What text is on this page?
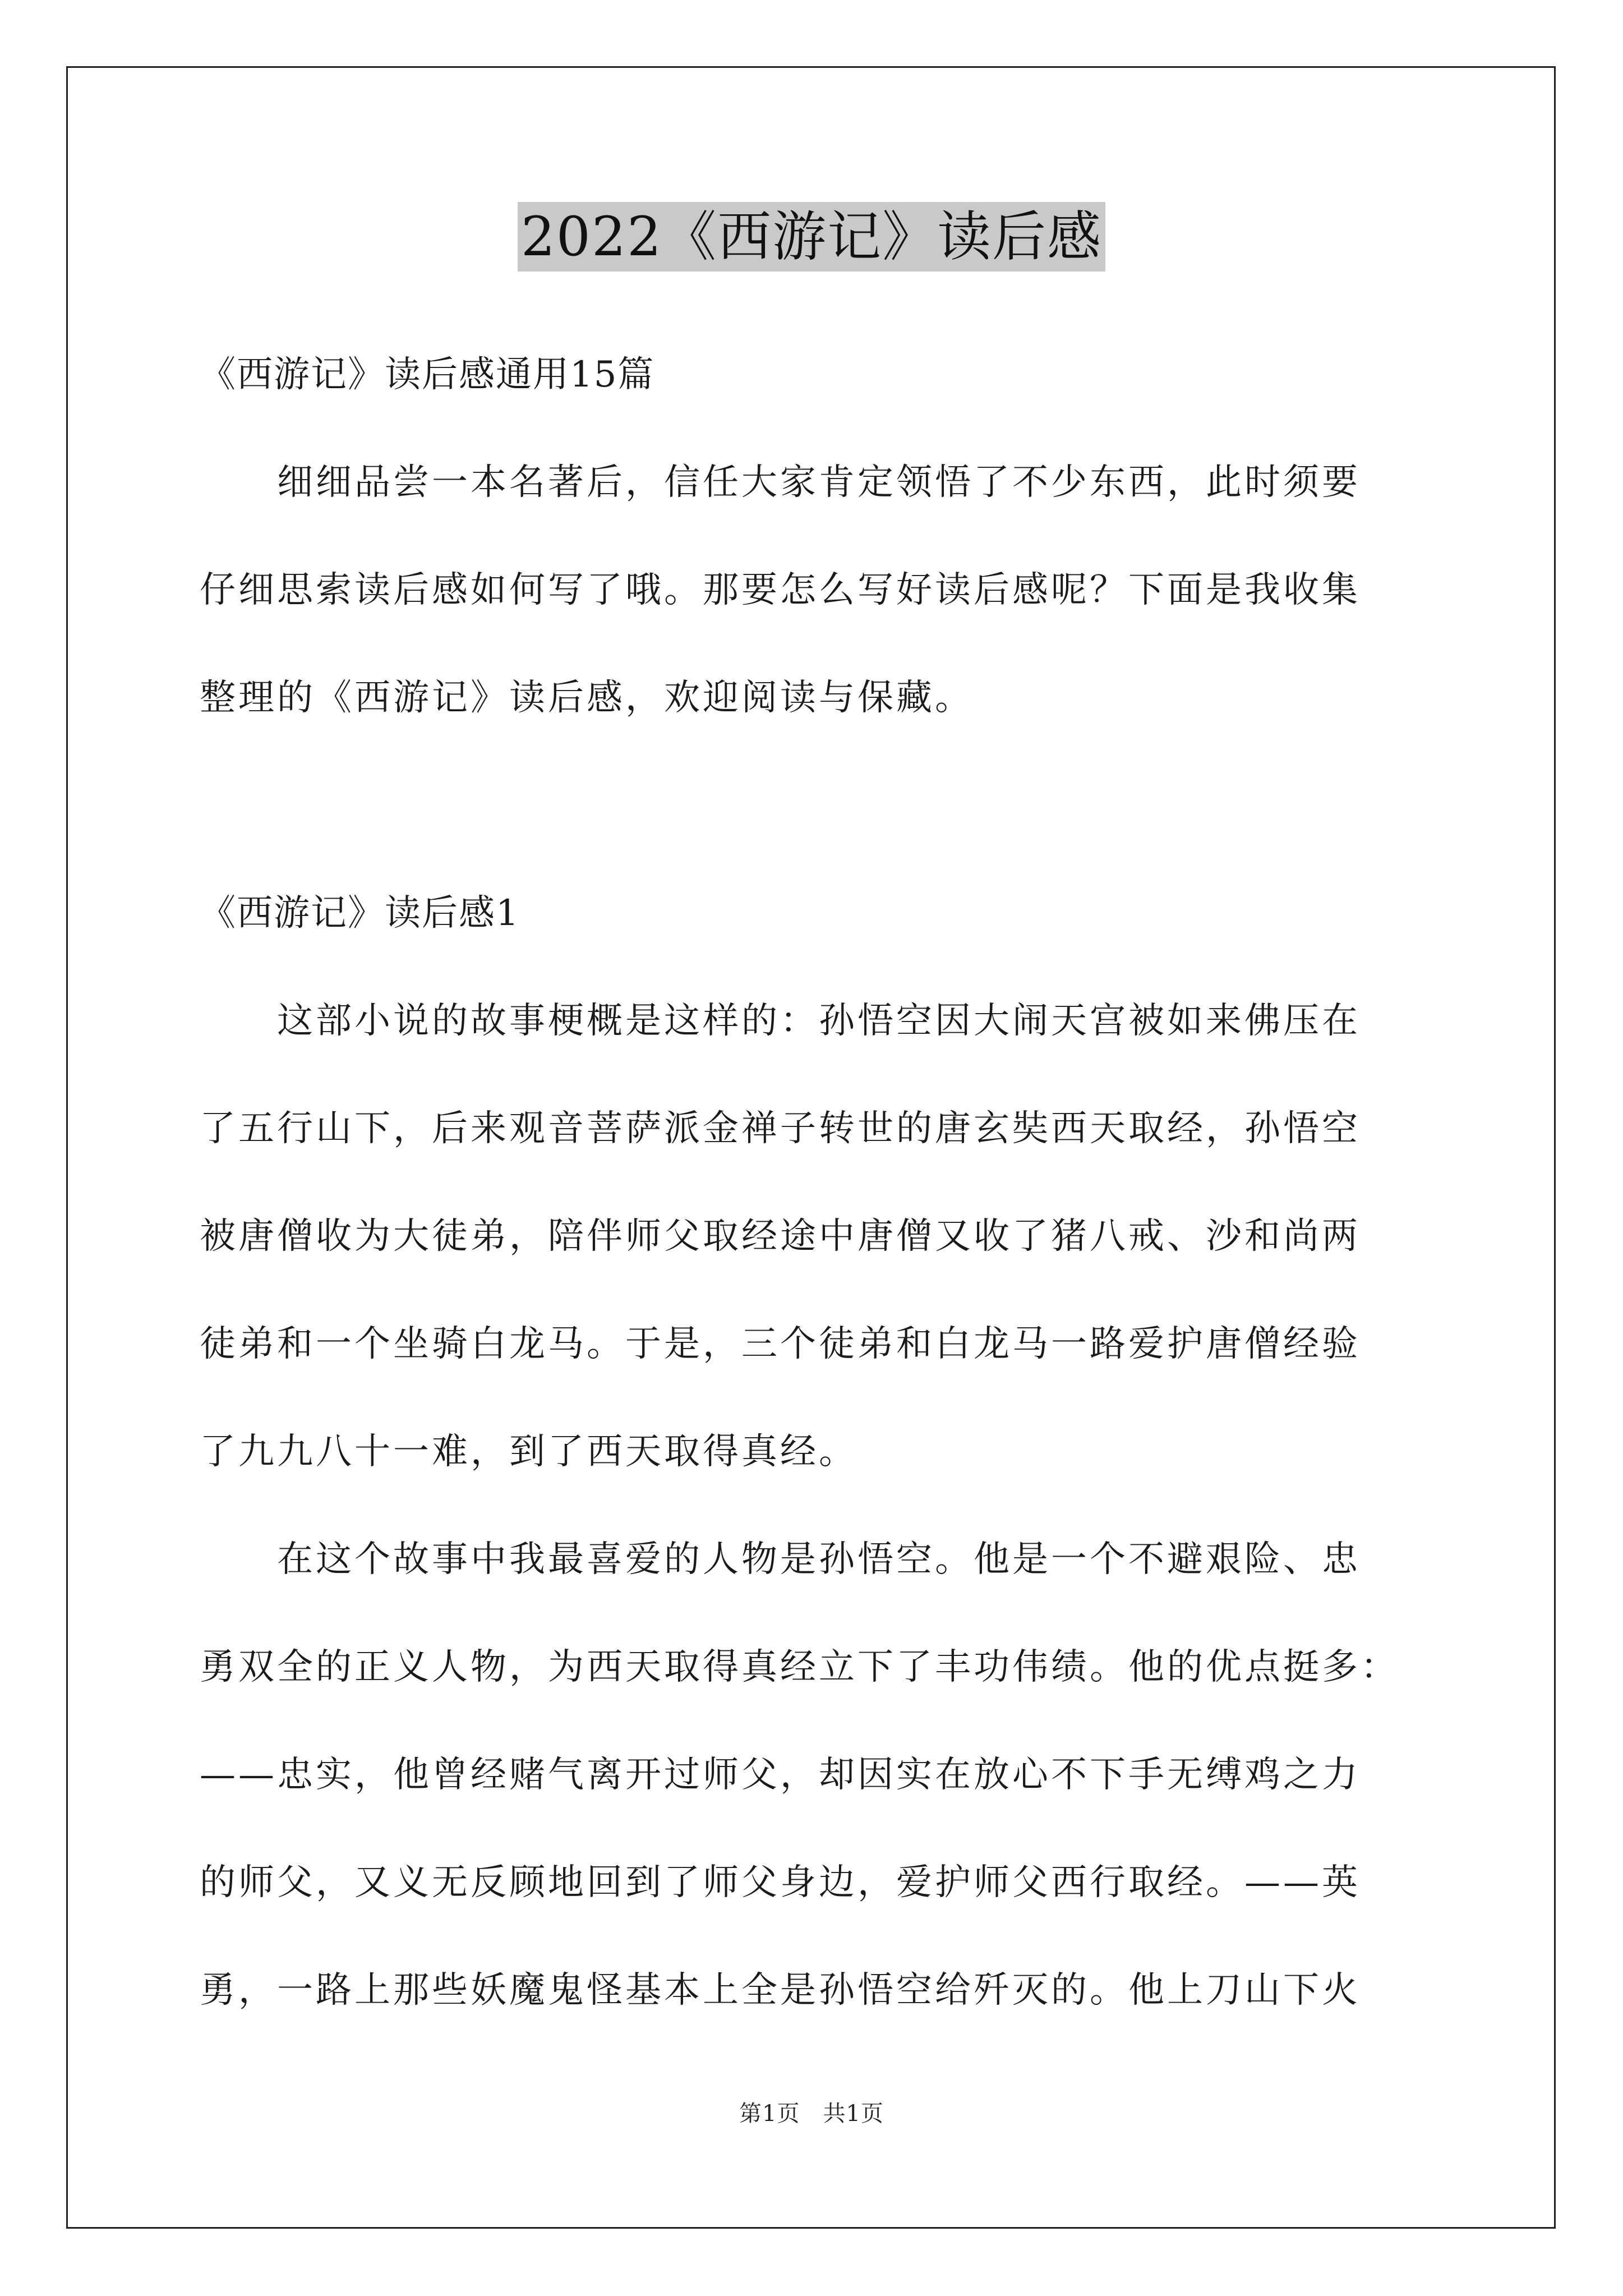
2022《西游记》读后感
《西游记》读后感通用15篇
　　细细品尝一本名著后，信任大家肯定领悟了不少东西，此时须要
仔细思索读后感如何写了哦。那要怎么写好读后感呢？下面是我收集
整理的《西游记》读后感，欢迎阅读与保藏。
《西游记》读后感1
　　这部小说的故事梗概是这样的：孙悟空因大闹天宫被如来佛压在
了五行山下，后来观音菩萨派金禅子转世的唐玄奘西天取经，孙悟空
被唐僧收为大徒弟，陪伴师父取经途中唐僧又收了猪八戒、沙和尚两
徒弟和一个坐骑白龙马。于是，三个徒弟和白龙马一路爱护唐僧经验
了九九八十一难，到了西天取得真经。
　　在这个故事中我最喜爱的人物是孙悟空。他是一个不避艰险、忠
勇双全的正义人物，为西天取得真经立下了丰功伟绩。他的优点挺多：
——忠实，他曾经赌气离开过师父，却因实在放心不下手无缚鸡之力
的师父，又义无反顾地回到了师父身边，爱护师父西行取经。——英
勇，一路上那些妖魔鬼怪基本上全是孙悟空给歼灭的。他上刀山下火
第1页　共1页
